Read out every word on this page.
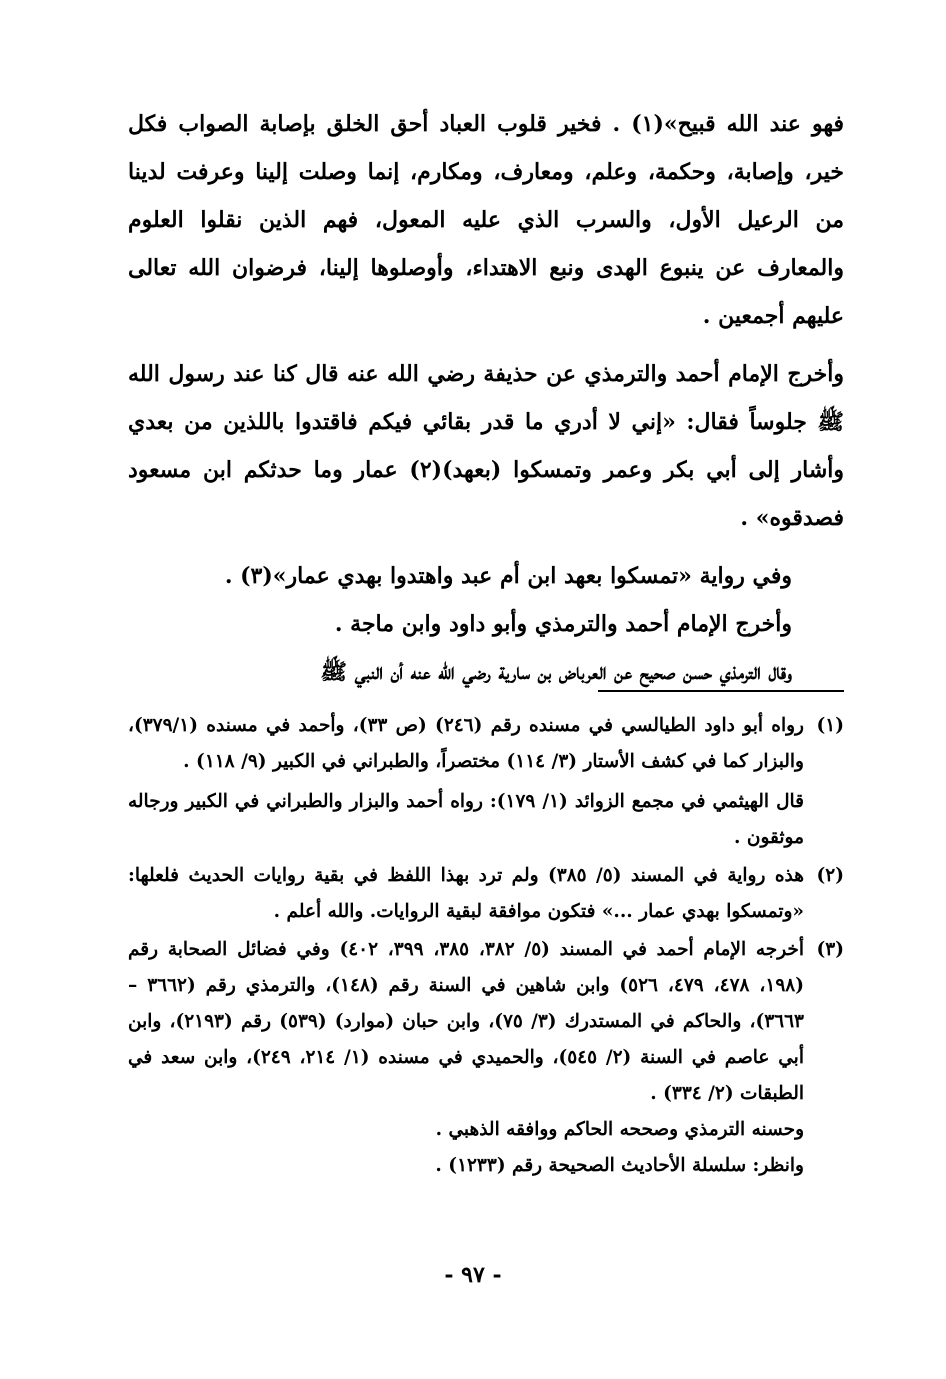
فهو عند الله قبيح»(١) . فخير قلوب العباد أحق الخلق بإصابة الصواب فكل خير، وإصابة، وحكمة، وعلم، ومعارف، ومكارم، إنما وصلت إلينا وعرفت لدينا من الرعيل الأول، والسرب الذي عليه المعول، فهم الذين نقلوا العلوم والمعارف عن ينبوع الهدى ونبع الاهتداء، وأوصلوها إلينا، فرضوان الله تعالى عليهم أجمعين .

وأخرج الإمام أحمد والترمذي عن حذيفة رضي الله عنه قال كنا عند رسول الله ﷺ جلوساً فقال: «إني لا أدري ما قدر بقائي فيكم فاقتدوا باللذين من بعدي وأشار إلى أبي بكر وعمر وتمسكوا (بعهد)(٢) عمار وما حدثكم ابن مسعود فصدقوه» .

وفي رواية «تمسكوا بعهد ابن أم عبد واهتدوا بهدي عمار»(٣) .

وأخرج الإمام أحمد والترمذي وأبو داود وابن ماجة .

وقال الترمذي حسن صحيح عن العرباض بن سارية رضي الله عنه أن النبي ﷺ

(١)

رواه أبو داود الطيالسي في مسنده رقم (٢٤٦) (ص ٣٣)، وأحمد في مسنده (٣٧٩/١)، والبزار كما في كشف الأستار (٣/ ١١٤) مختصراً، والطبراني في الكبير (٩/ ١١٨) .

قال الهيثمي في مجمع الزوائد (١/ ١٧٩): رواه أحمد والبزار والطبراني في الكبير ورجاله موثقون .

(٢)

هذه رواية في المسند (٥/ ٣٨٥) ولم ترد بهذا اللفظ في بقية روايات الحديث فلعلها: «وتمسكوا بهدي عمار ...» فتكون موافقة لبقية الروايات. والله أعلم .

(٣)

أخرجه الإمام أحمد في المسند (٥/ ٣٨٢، ٣٨٥، ٣٩٩، ٤٠٢) وفي فضائل الصحابة رقم (١٩٨، ٤٧٨، ٤٧٩، ٥٢٦) وابن شاهين في السنة رقم (١٤٨)، والترمذي رقم (٣٦٦٢ – ٣٦٦٣)، والحاكم في المستدرك (٣/ ٧٥)، وابن حبان (موارد) (٥٣٩) رقم (٢١٩٣)، وابن أبي عاصم في السنة (٢/ ٥٤٥)، والحميدي في مسنده (١/ ٢١٤، ٢٤٩)، وابن سعد في الطبقات (٢/ ٣٣٤) .

وحسنه الترمذي وصححه الحاكم ووافقه الذهبي .

وانظر: سلسلة الأحاديث الصحيحة رقم (١٢٣٣) .

- ٩٧ -
